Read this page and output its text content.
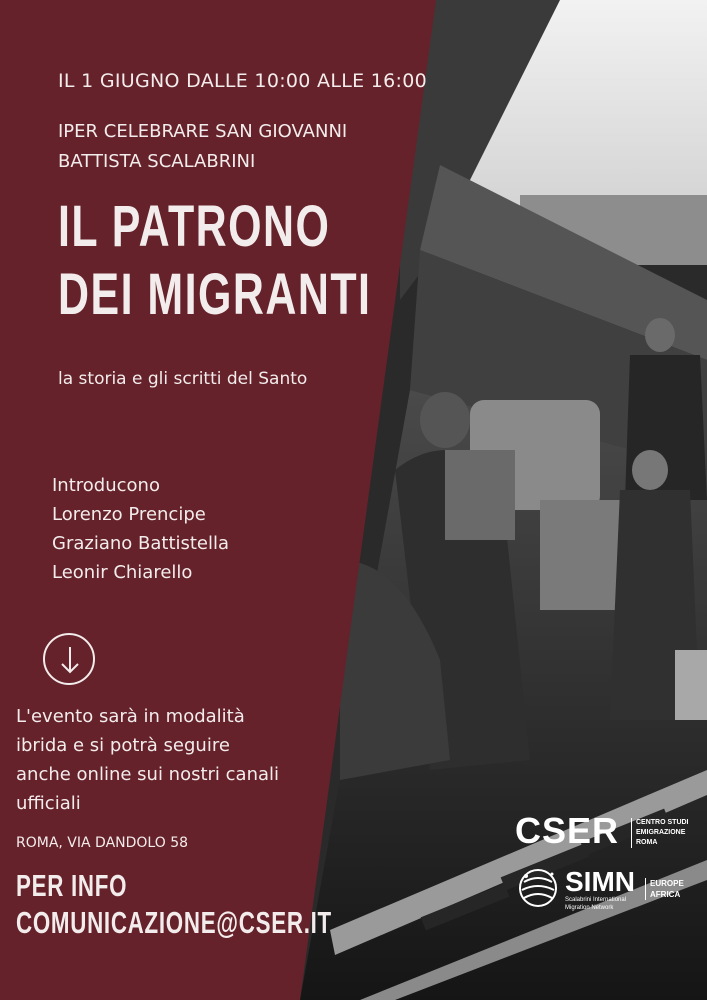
IL 1 GIUGNO DALLE 10:00 ALLE 16:00

IPER CELEBRARE SAN GIOVANNI

BATTISTA SCALABRINI

IL PATRONO

DEI MIGRANTI

la storia e gli scritti del Santo

Introducono

Lorenzo Prencipe

Graziano Battistella

Leonir Chiarello

L'evento sarà in modalità

ibrida e si potrà seguire

anche online sui nostri canali

ufficiali

ROMA, VIA DANDOLO 58

PER INFO

COMUNICAZIONE@CSER.IT

CSER	CENTRO STUDI
EMIGRAZIONE
ROMA
SIMN
Scalabrini International
Migration Network
EUROPE
AFRICA
